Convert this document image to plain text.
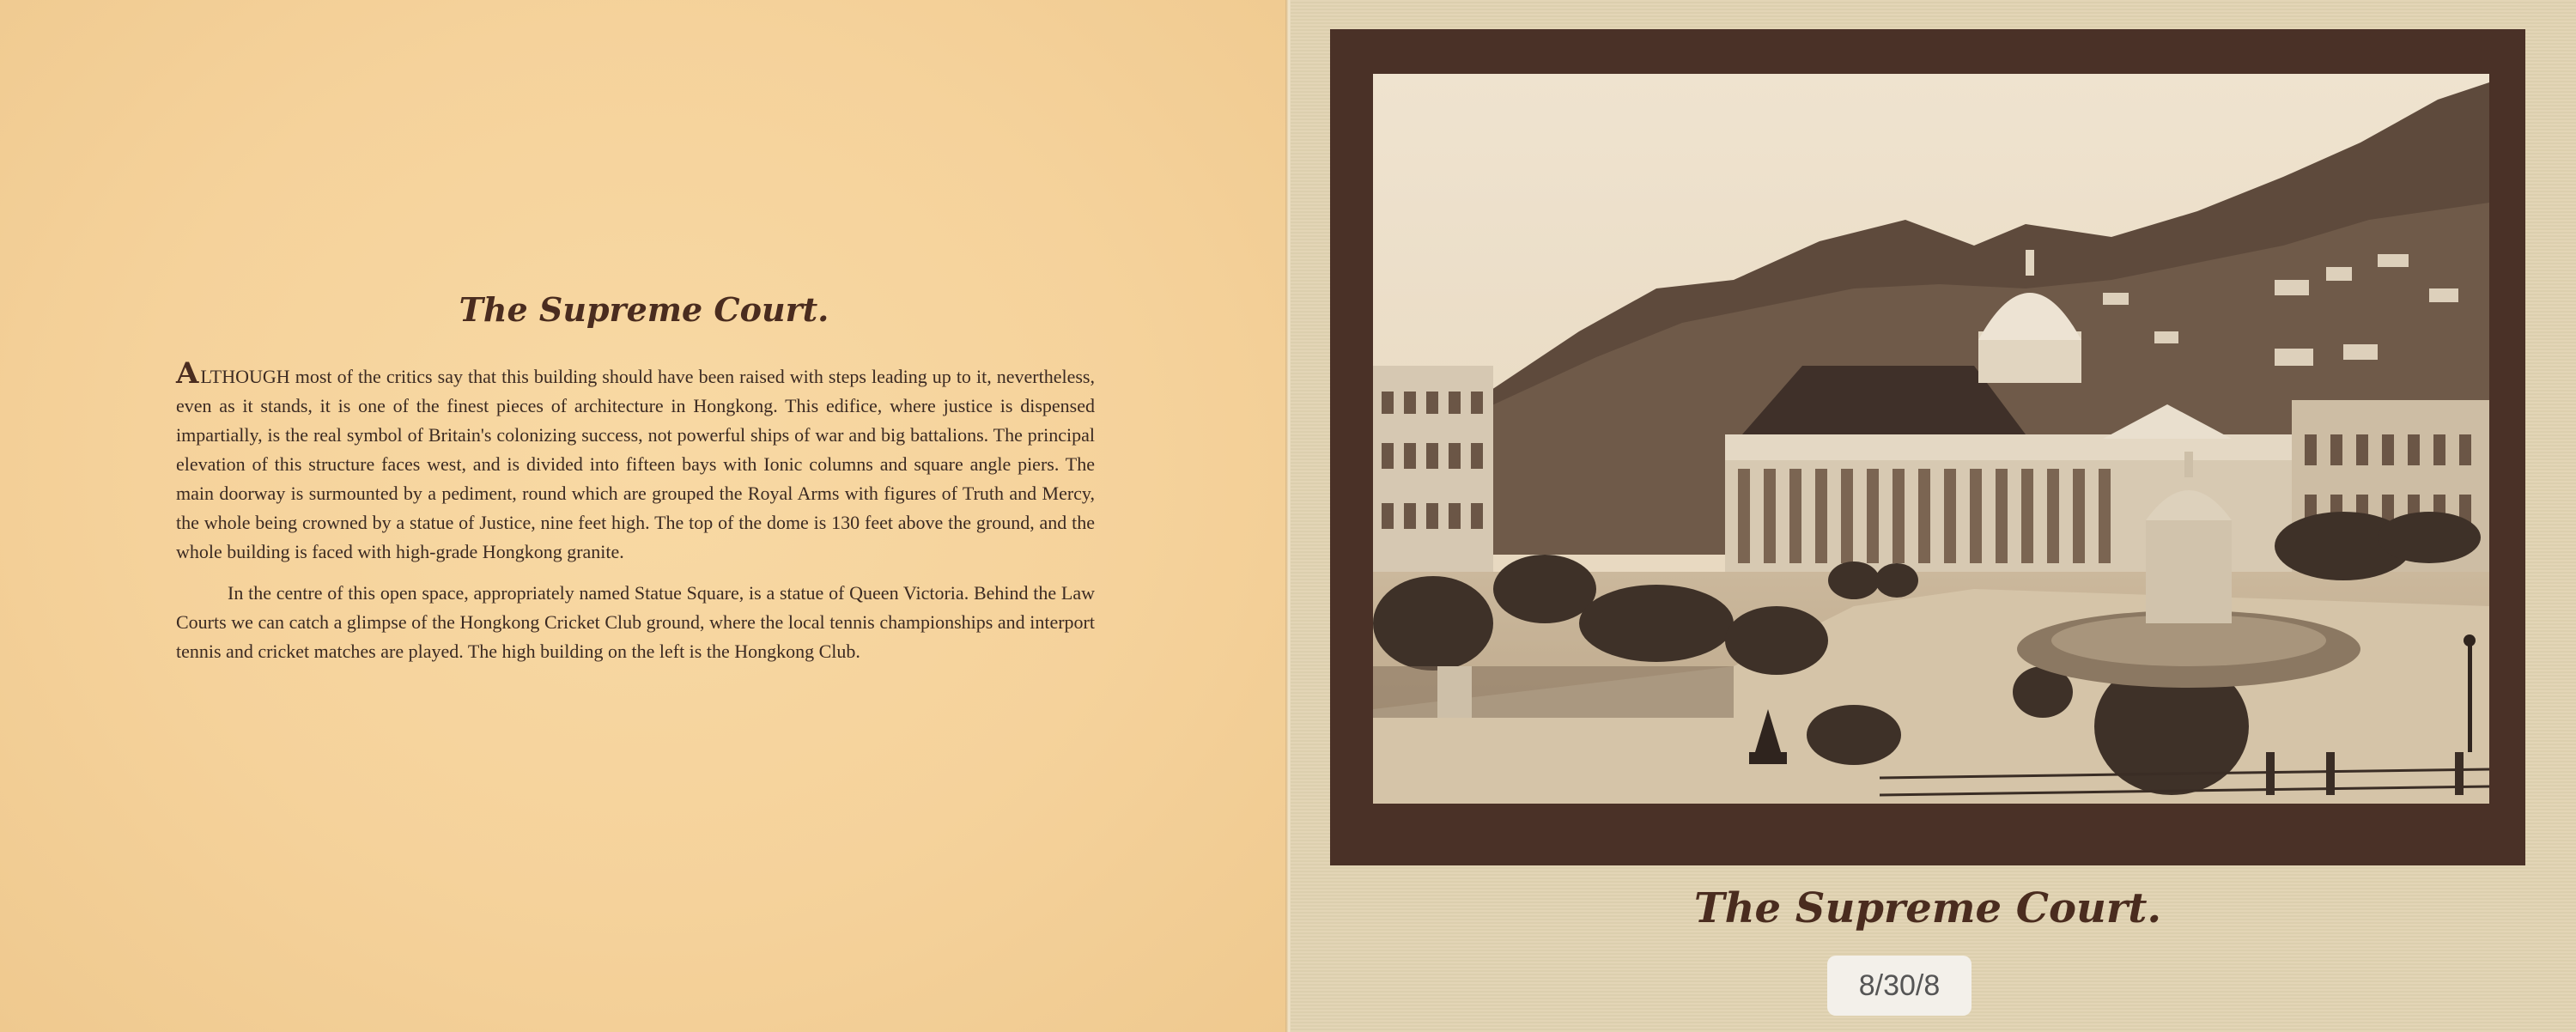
The Supreme Court.

ALTHOUGH most of the critics say that this building should have been raised with steps leading up to it, nevertheless, even as it stands, it is one of the finest pieces of architecture in Hongkong. This edifice, where justice is dispensed impartially, is the real symbol of Britain's colonizing success, not powerful ships of war and big battalions. The principal elevation of this structure faces west, and is divided into fifteen bays with Ionic columns and square angle piers. The main doorway is surmounted by a pediment, round which are grouped the Royal Arms with figures of Truth and Mercy, the whole being crowned by a statue of Justice, nine feet high. The top of the dome is 130 feet above the ground, and the whole building is faced with high-grade Hongkong granite.

In the centre of this open space, appropriately named Statue Square, is a statue of Queen Victoria. Behind the Law Courts we can catch a glimpse of the Hongkong Cricket Club ground, where the local tennis championships and interport tennis and cricket matches are played. The high building on the left is the Hongkong Club.

The Supreme Court.
8/30/8
